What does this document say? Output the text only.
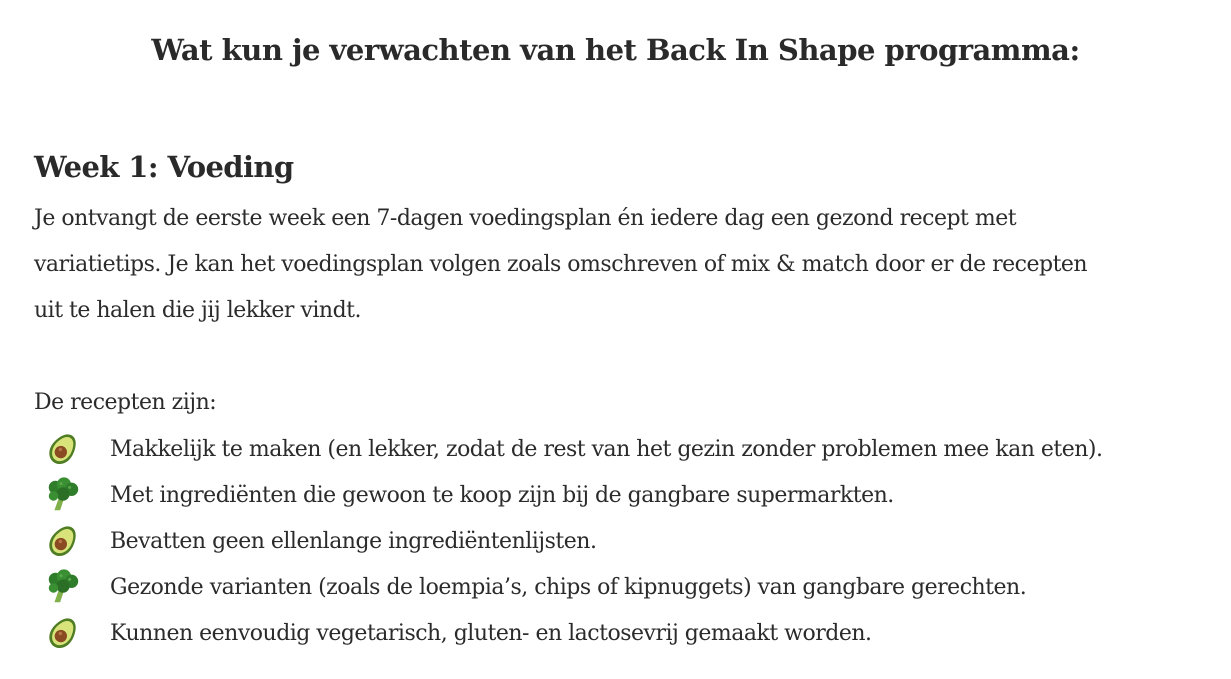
Wat kun je verwachten van het Back In Shape programma:
Week 1: Voeding

Je ontvangt de eerste week een 7-dagen voedingsplan én iedere dag een gezond recept met
variatietips. Je kan het voedingsplan volgen zoals omschreven of mix & match door er de recepten
uit te halen die jij lekker vindt.

De recepten zijn:

Makkelijk te maken (en lekker, zodat de rest van het gezin zonder problemen mee kan eten).
Met ingrediënten die gewoon te koop zijn bij de gangbare supermarkten.
Bevatten geen ellenlange ingrediëntenlijsten.
Gezonde varianten (zoals de loempia’s, chips of kipnuggets) van gangbare gerechten.
Kunnen eenvoudig vegetarisch, gluten- en lactosevrij gemaakt worden.
